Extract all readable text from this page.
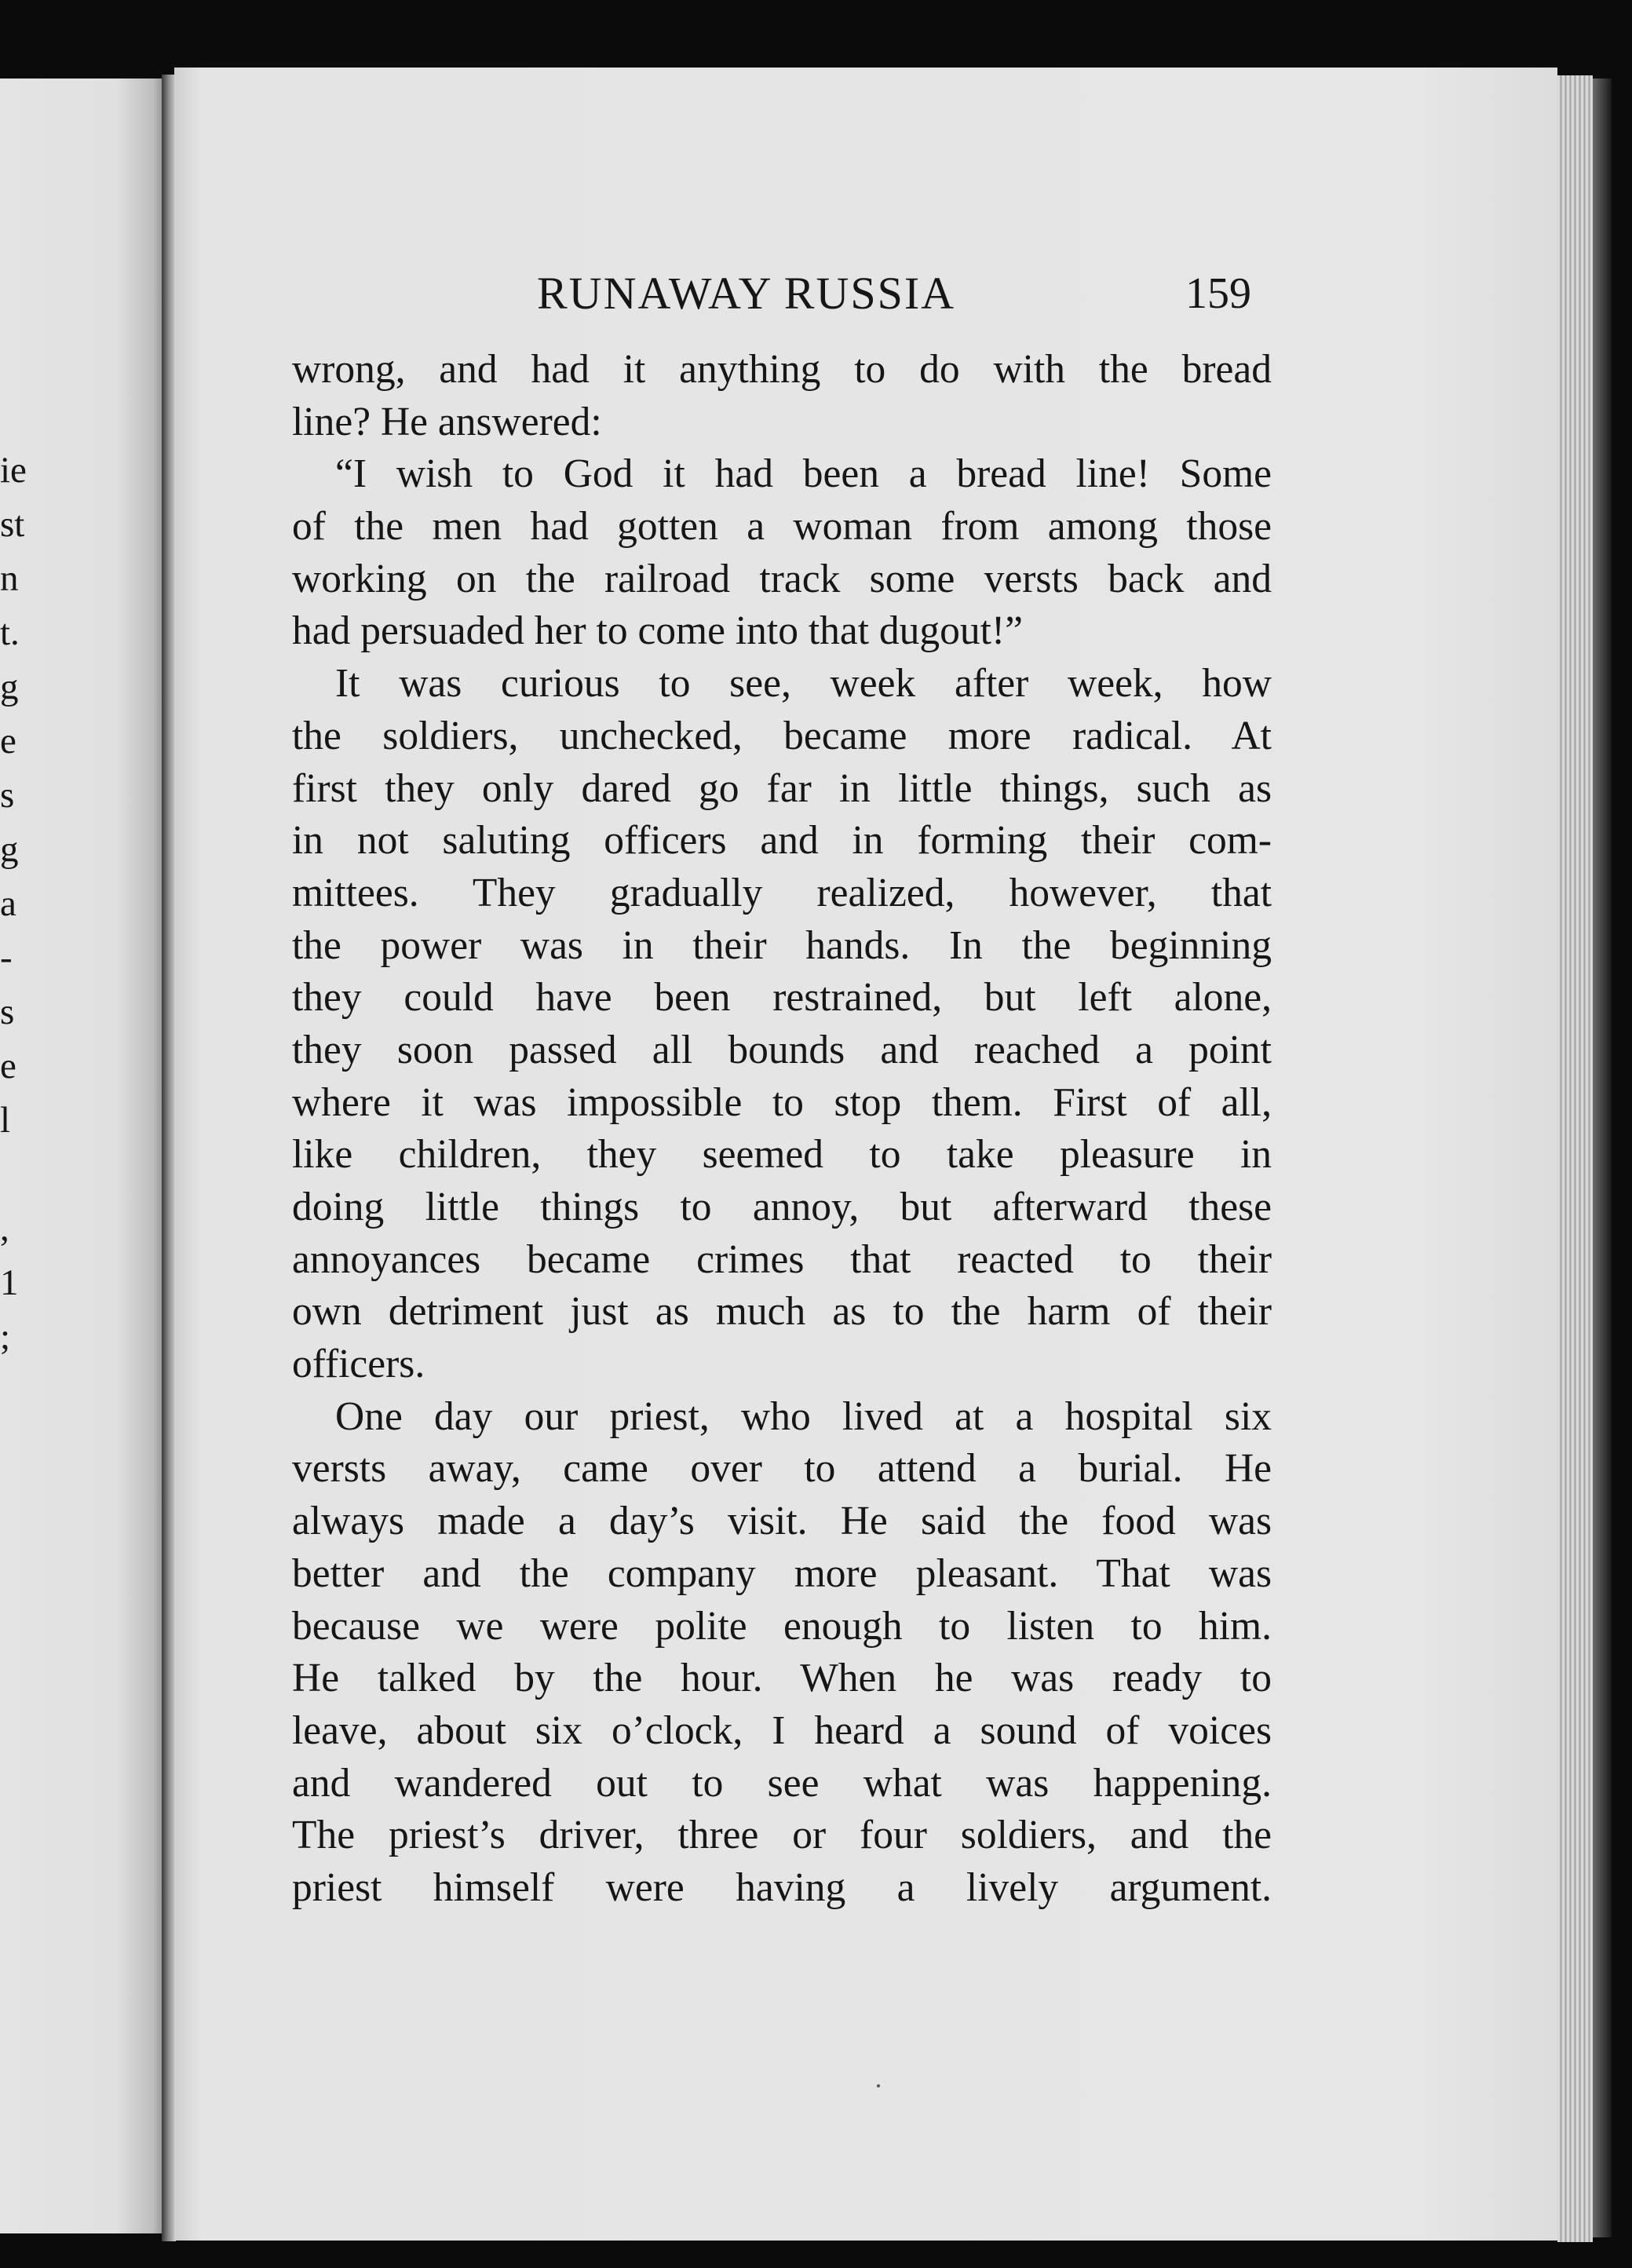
ie
st
n
t.
g
e
s
g
a
-
s
e
l
,
1
;
RUNAWAY RUSSIA	159
wrong, and had it anything to do with the bread
line? He answered:
“I wish to God it had been a bread line! Some
of the men had gotten a woman from among those
working on the railroad track some versts back and
had persuaded her to come into that dugout!”
It was curious to see, week after week, how
the soldiers, unchecked, became more radical. At
first they only dared go far in little things, such as
in not saluting officers and in forming their com-
mittees. They gradually realized, however, that
the power was in their hands. In the beginning
they could have been restrained, but left alone,
they soon passed all bounds and reached a point
where it was impossible to stop them. First of all,
like children, they seemed to take pleasure in
doing little things to annoy, but afterward these
annoyances became crimes that reacted to their
own detriment just as much as to the harm of their
officers.
One day our priest, who lived at a hospital six
versts away, came over to attend a burial. He
always made a day’s visit. He said the food was
better and the company more pleasant. That was
because we were polite enough to listen to him.
He talked by the hour. When he was ready to
leave, about six o’clock, I heard a sound of voices
and wandered out to see what was happening.
The priest’s driver, three or four soldiers, and the
priest himself were having a lively argument.
